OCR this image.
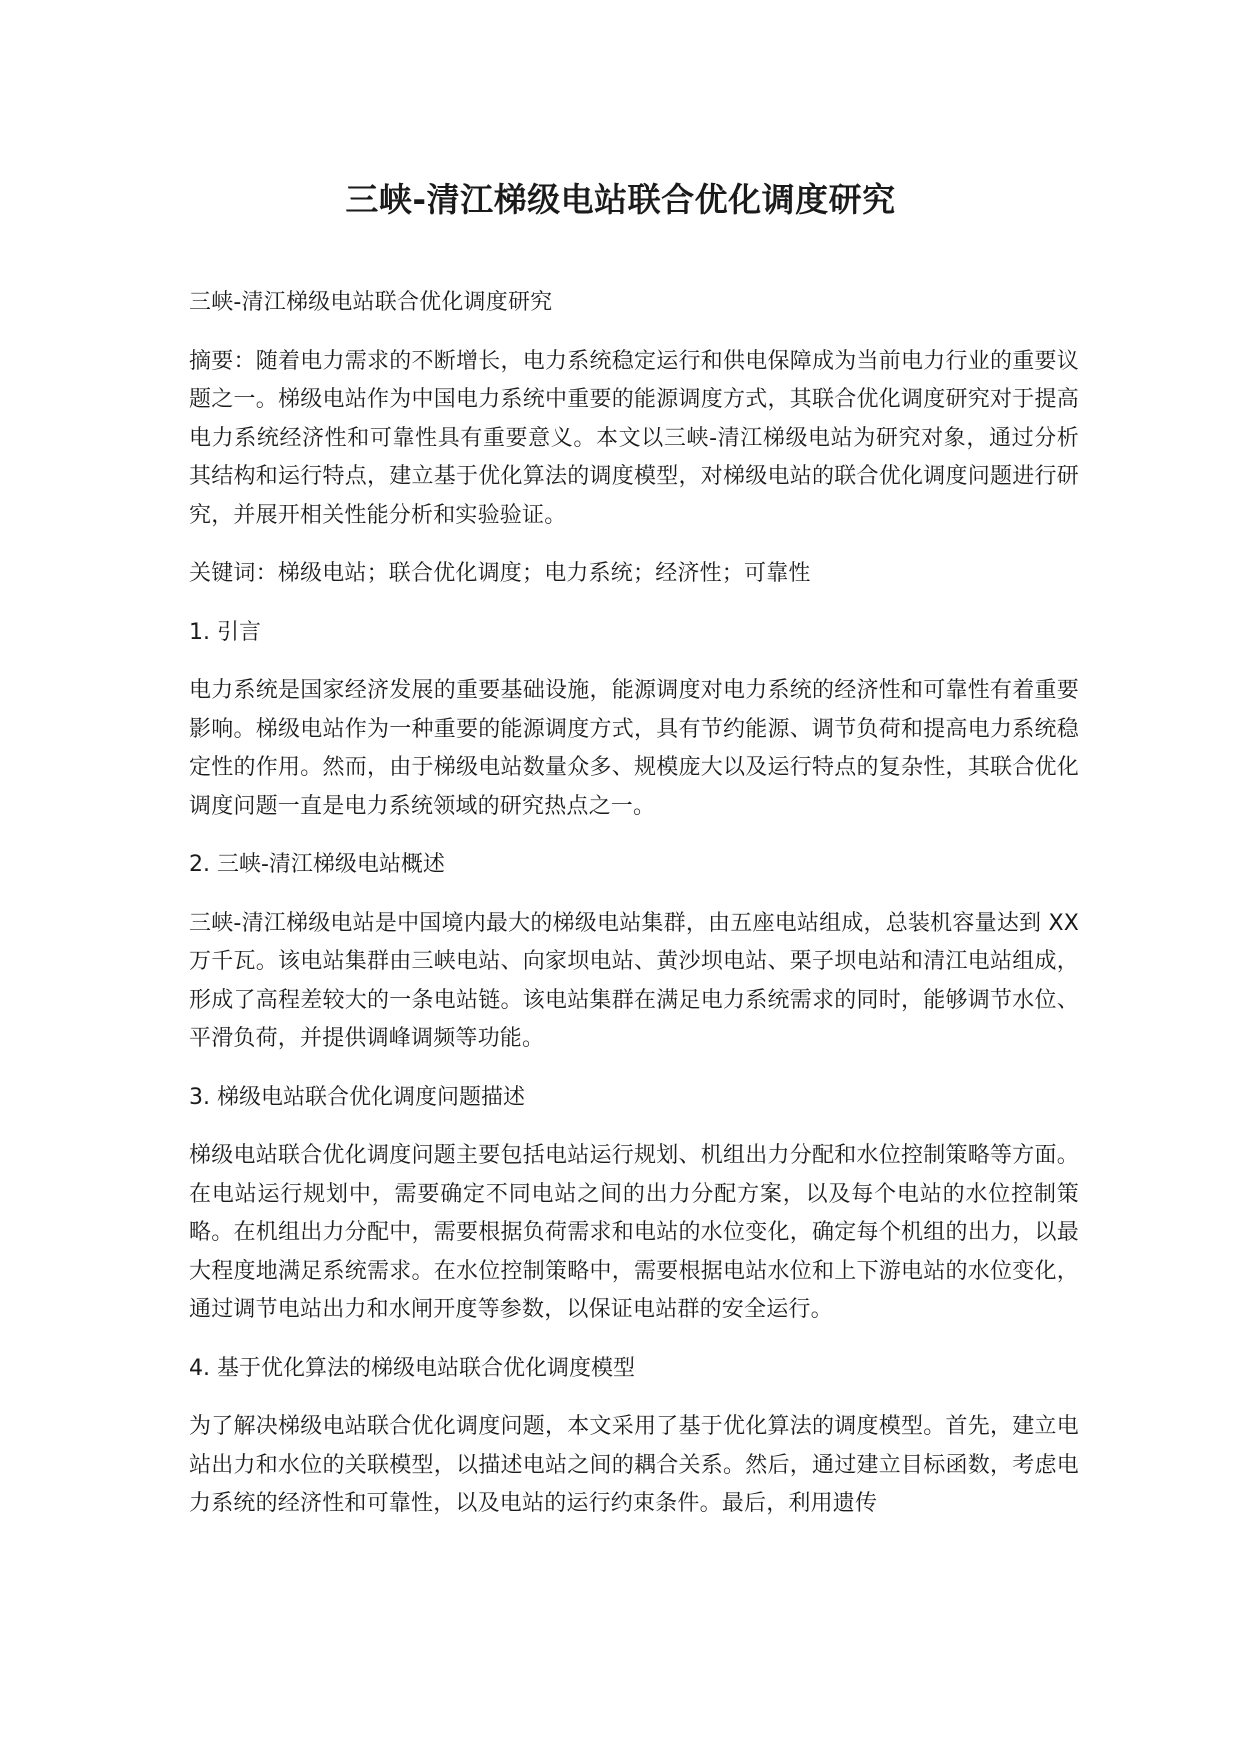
三峡-清江梯级电站联合优化调度研究

三峡-清江梯级电站联合优化调度研究

摘要：随着电力需求的不断增长，电力系统稳定运行和供电保障成为当前电力行业的重要议题之一。梯级电站作为中国电力系统中重要的能源调度方式，其联合优化调度研究对于提高电力系统经济性和可靠性具有重要意义。本文以三峡-清江梯级电站为研究对象，通过分析其结构和运行特点，建立基于优化算法的调度模型，对梯级电站的联合优化调度问题进行研究，并展开相关性能分析和实验验证。

关键词：梯级电站；联合优化调度；电力系统；经济性；可靠性

1. 引言

电力系统是国家经济发展的重要基础设施，能源调度对电力系统的经济性和可靠性有着重要影响。梯级电站作为一种重要的能源调度方式，具有节约能源、调节负荷和提高电力系统稳定性的作用。然而，由于梯级电站数量众多、规模庞大以及运行特点的复杂性，其联合优化调度问题一直是电力系统领域的研究热点之一。

2. 三峡-清江梯级电站概述

三峡-清江梯级电站是中国境内最大的梯级电站集群，由五座电站组成，总装机容量达到 XX 万千瓦。该电站集群由三峡电站、向家坝电站、黄沙坝电站、栗子坝电站和清江电站组成，形成了高程差较大的一条电站链。该电站集群在满足电力系统需求的同时，能够调节水位、平滑负荷，并提供调峰调频等功能。

3. 梯级电站联合优化调度问题描述

梯级电站联合优化调度问题主要包括电站运行规划、机组出力分配和水位控制策略等方面。在电站运行规划中，需要确定不同电站之间的出力分配方案，以及每个电站的水位控制策略。在机组出力分配中，需要根据负荷需求和电站的水位变化，确定每个机组的出力，以最大程度地满足系统需求。在水位控制策略中，需要根据电站水位和上下游电站的水位变化，通过调节电站出力和水闸开度等参数，以保证电站群的安全运行。

4. 基于优化算法的梯级电站联合优化调度模型

为了解决梯级电站联合优化调度问题，本文采用了基于优化算法的调度模型。首先，建立电站出力和水位的关联模型，以描述电站之间的耦合关系。然后，通过建立目标函数，考虑电力系统的经济性和可靠性，以及电站的运行约束条件。最后，利用遗传
